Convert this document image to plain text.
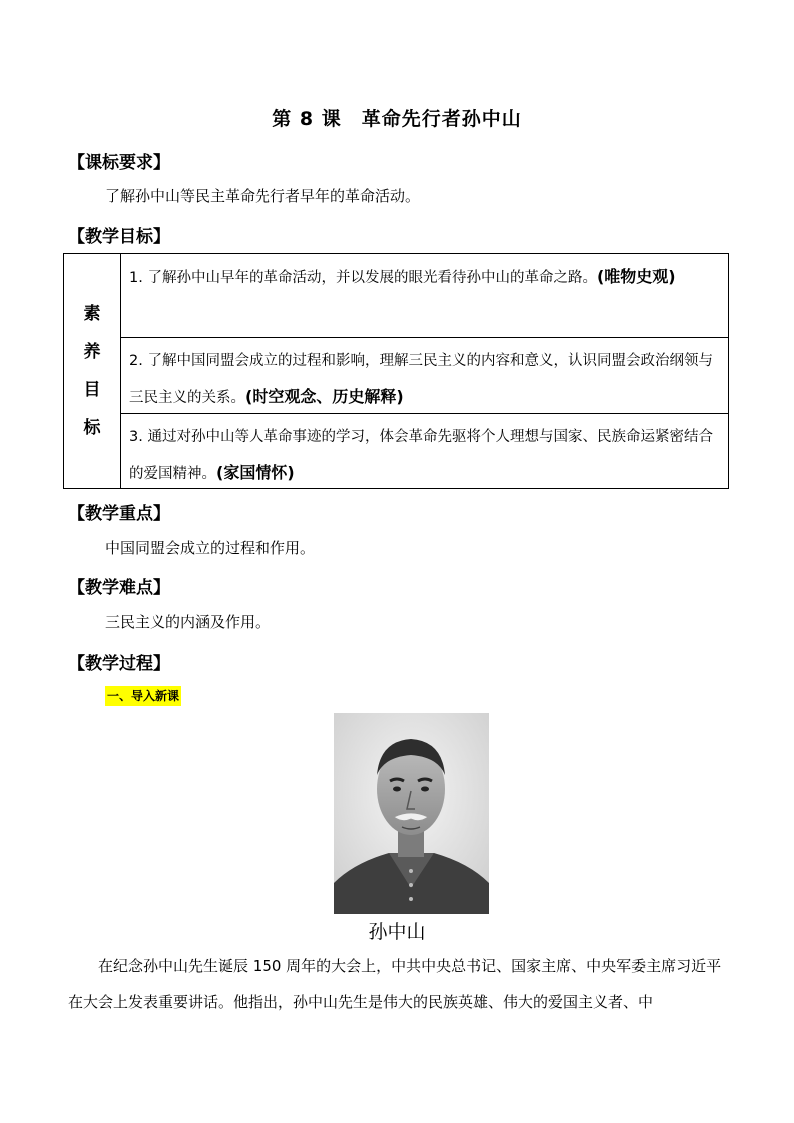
第 8 课　革命先行者孙中山
【课标要求】
了解孙中山等民主革命先行者早年的革命活动。
【教学目标】
素
养
目
标
1. 了解孙中山早年的革命活动，并以发展的眼光看待孙中山的革命之路。(唯物史观)
2. 了解中国同盟会成立的过程和影响，理解三民主义的内容和意义，认识同盟会政治纲领与三民主义的关系。(时空观念、历史解释)
3. 通过对孙中山等人革命事迹的学习，体会革命先驱将个人理想与国家、民族命运紧密结合的爱国精神。(家国情怀)
【教学重点】
中国同盟会成立的过程和作用。
【教学难点】
三民主义的内涵及作用。
【教学过程】
一、导入新课
孙中山
在纪念孙中山先生诞辰 150 周年的大会上，中共中央总书记、国家主席、中央军委主席习近平在大会上发表重要讲话。他指出，孙中山先生是伟大的民族英雄、伟大的爱国主义者、中
